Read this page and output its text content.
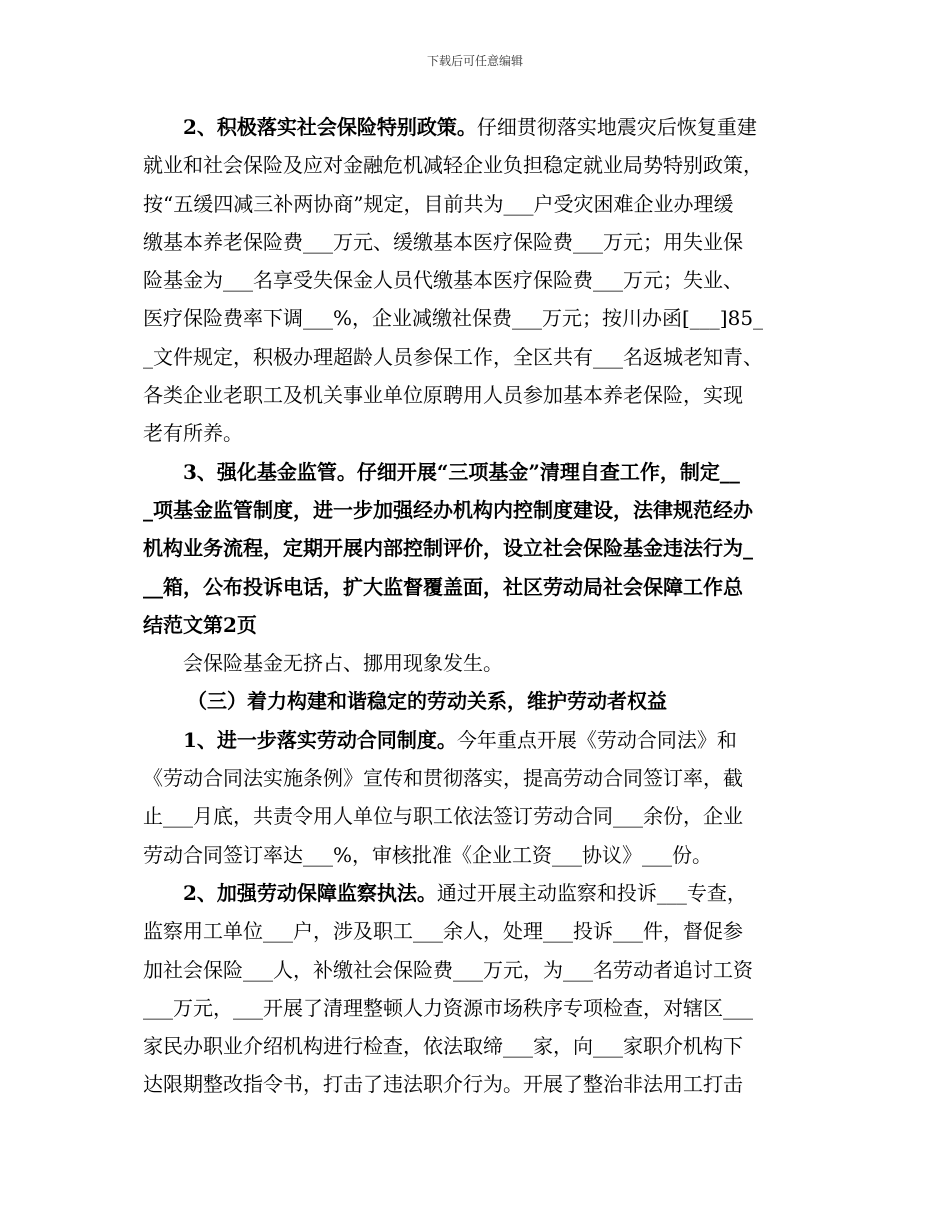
下载后可任意编辑
2、积极落实社会保险特别政策。仔细贯彻落实地震灾后恢复重建
就业和社会保险及应对金融危机减轻企业负担稳定就业局势特别政策，
按“五缓四减三补两协商”规定，目前共为___户受灾困难企业办理缓
缴基本养老保险费___万元、缓缴基本医疗保险费___万元；用失业保
险基金为___名享受失保金人员代缴基本医疗保险费___万元；失业、
医疗保险费率下调___%，企业减缴社保费___万元；按川办函[___]85_
_文件规定，积极办理超龄人员参保工作，全区共有___名返城老知青、
各类企业老职工及机关事业单位原聘用人员参加基本养老保险，实现
老有所养。
3、强化基金监管。仔细开展“三项基金”清理自查工作，制定__
_项基金监管制度，进一步加强经办机构内控制度建设，法律规范经办
机构业务流程，定期开展内部控制评价，设立社会保险基金违法行为_
__箱，公布投诉电话，扩大监督覆盖面，社区劳动局社会保障工作总
结范文第2页
会保险基金无挤占、挪用现象发生。
（三）着力构建和谐稳定的劳动关系，维护劳动者权益
1、进一步落实劳动合同制度。今年重点开展《劳动合同法》和
《劳动合同法实施条例》宣传和贯彻落实，提高劳动合同签订率，截
止___月底，共责令用人单位与职工依法签订劳动合同___余份，企业
劳动合同签订率达___%，审核批准《企业工资___协议》___份。
2、加强劳动保障监察执法。通过开展主动监察和投诉___专查，
监察用工单位___户，涉及职工___余人，处理___投诉___件，督促参
加社会保险___人，补缴社会保险费___万元，为___名劳动者追讨工资
___万元，___开展了清理整顿人力资源市场秩序专项检查，对辖区___
家民办职业介绍机构进行检查，依法取缔___家，向___家职介机构下
达限期整改指令书，打击了违法职介行为。开展了整治非法用工打击
